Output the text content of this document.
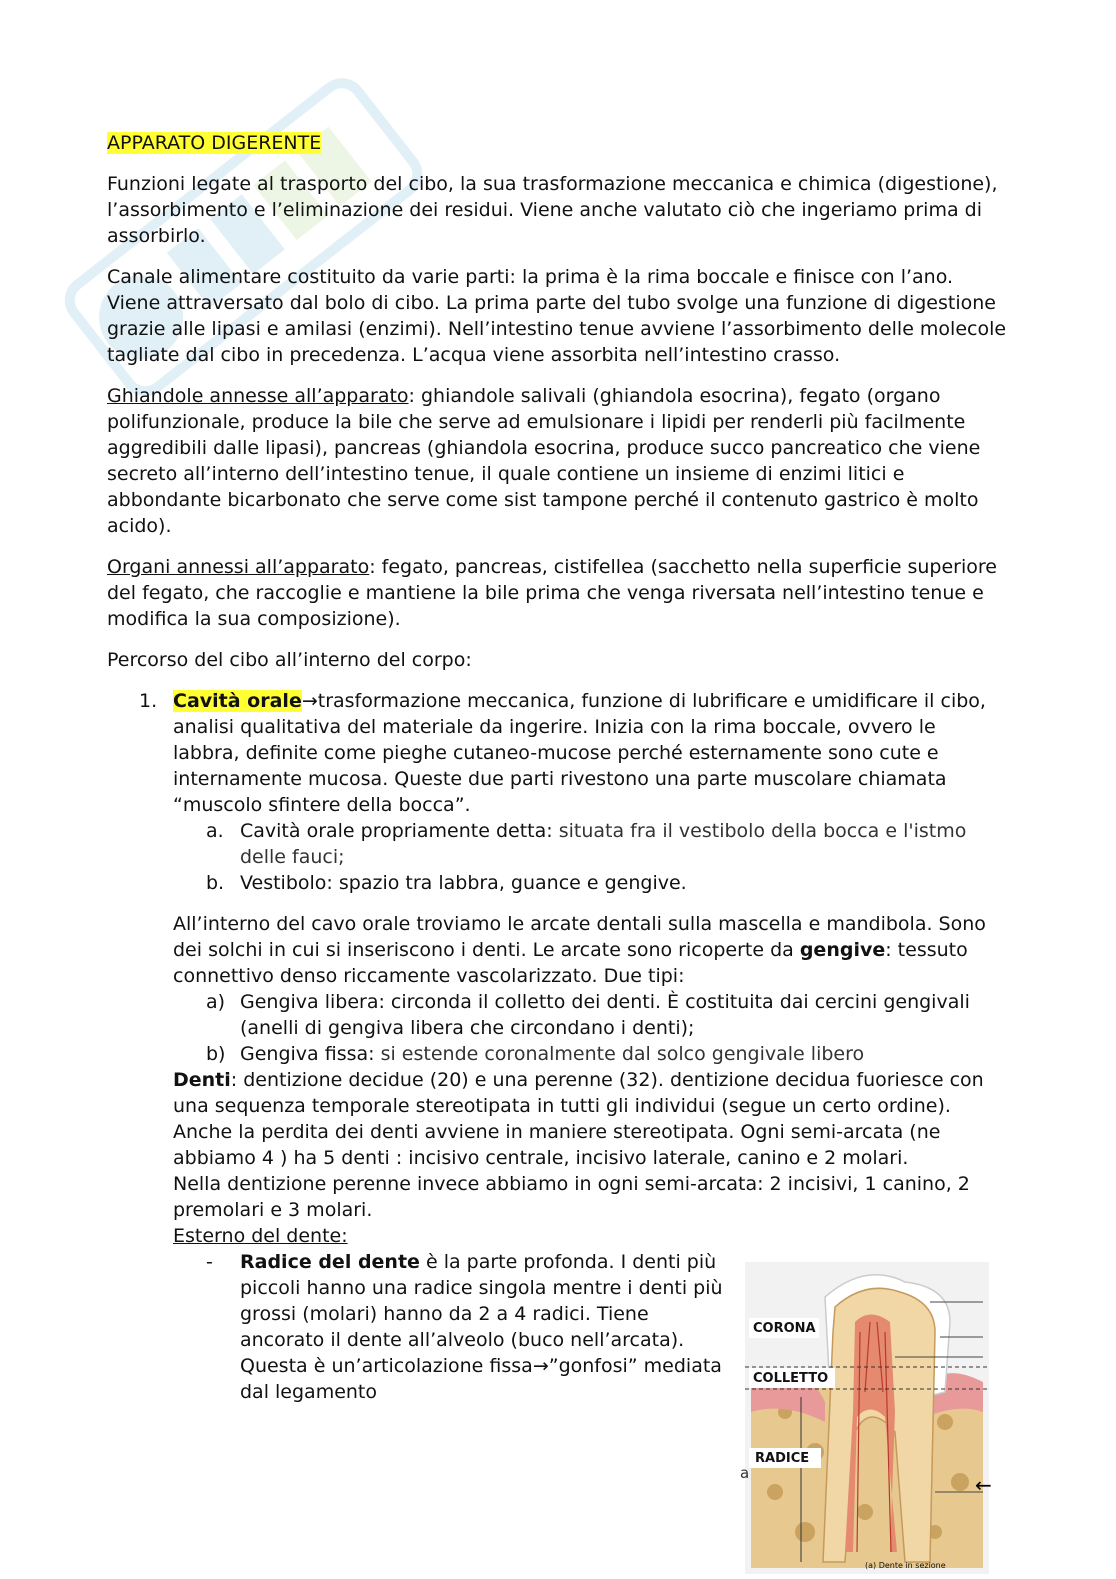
APPARATO DIGERENTE

Funzioni legate al trasporto del cibo, la sua trasformazione meccanica e chimica (digestione), l’assorbimento e l’eliminazione dei residui. Viene anche valutato ciò che ingeriamo prima di assorbirlo.

Canale alimentare costituito da varie parti: la prima è la rima boccale e finisce con l’ano. Viene attraversato dal bolo di cibo. La prima parte del tubo svolge una funzione di digestione grazie alle lipasi e amilasi (enzimi). Nell’intestino tenue avviene l’assorbimento delle molecole tagliate dal cibo in precedenza. L’acqua viene assorbita nell’intestino crasso.

Ghiandole annesse all’apparato: ghiandole salivali (ghiandola esocrina), fegato (organo polifunzionale, produce la bile che serve ad emulsionare i lipidi per renderli più facilmente aggredibili dalle lipasi), pancreas (ghiandola esocrina, produce succo pancreatico che viene secreto all’interno dell’intestino tenue, il quale contiene un insieme di enzimi litici e abbondante bicarbonato che serve come sist tampone perché il contenuto gastrico è molto acido).

Organi annessi all’apparato: fegato, pancreas, cistifellea (sacchetto nella superficie superiore del fegato, che raccoglie e mantiene la bile prima che venga riversata nell’intestino tenue e modifica la sua composizione).

Percorso del cibo all’interno del corpo:

1. Cavità orale→trasformazione meccanica, funzione di lubrificare e umidificare il cibo, analisi qualitativa del materiale da ingerire. Inizia con la rima boccale, ovvero le labbra, definite come pieghe cutaneo-mucose perché esternamente sono cute e internamente mucosa. Queste due parti rivestono una parte muscolare chiamata “muscolo sfintere della bocca”.
a. Cavità orale propriamente detta: situata fra il vestibolo della bocca e l'istmo delle fauci;
b. Vestibolo: spazio tra labbra, guance e gengive.
All’interno del cavo orale troviamo le arcate dentali sulla mascella e mandibola. Sono dei solchi in cui si inseriscono i denti. Le arcate sono ricoperte da gengive: tessuto connettivo denso riccamente vascolarizzato. Due tipi:
a) Gengiva libera: circonda il colletto dei denti. È costituita dai cercini gengivali (anelli di gengiva libera che circondano i denti);
b) Gengiva fissa: si estende coronalmente dal solco gengivale libero
Denti: dentizione decidue (20) e una perenne (32). dentizione decidua fuoriesce con una sequenza temporale stereotipata in tutti gli individui (segue un certo ordine). Anche la perdita dei denti avviene in maniere stereotipata. Ogni semi-arcata (ne abbiamo 4 ) ha 5 denti : incisivo centrale, incisivo laterale, canino e 2 molari.
Nella dentizione perenne invece abbiamo in ogni semi-arcata: 2 incisivi, 1 canino, 2 premolari e 3 molari.
Esterno del dente:
- Radice del dente è la parte profonda. I denti più piccoli hanno una radice singola mentre i denti più grossi (molari) hanno da 2 a 4 radici. Tiene ancorato il dente all’alveolo (buco nell’arcata). Questa è un’articolazione fissa→”gonfosi” mediata dal legamento
CORONA
COLLETTO
RADICE
(a) Dente in sezione
a	←
